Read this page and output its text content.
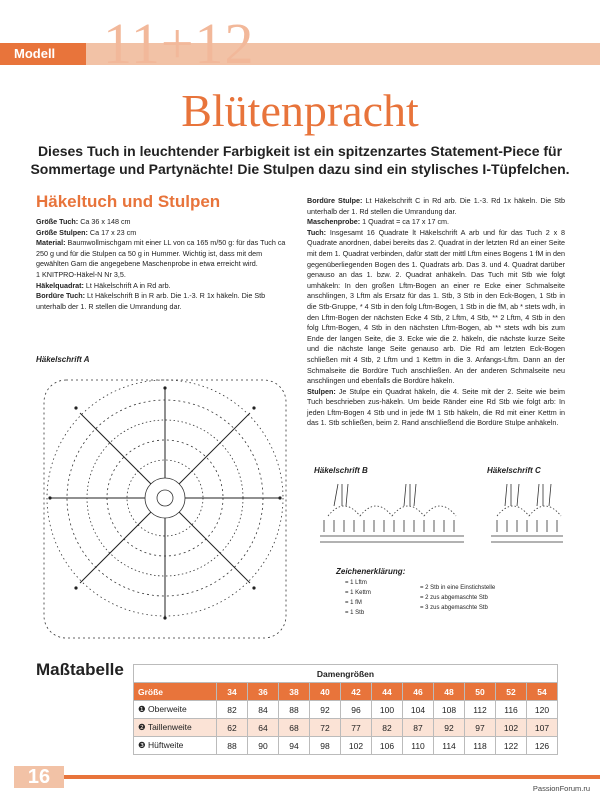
Modell 11+12
Blütenpracht
Dieses Tuch in leuchtender Farbigkeit ist ein spitzenzartes Statement-Piece für Sommertage und Partynächte! Die Stulpen dazu sind ein stylisches I-Tüpfelchen.
Häkeltuch und Stulpen

Größe Tuch: Ca 36 x 148 cm

Größe Stulpen: Ca 17 x 23 cm

Material: Baumwollmischgarn mit einer LL von ca 165 m/50 g: für das Tuch ca 250 g und für die Stulpen ca 50 g in Hummer. Wichtig ist, dass mit dem gewählten Garn die angegebene Maschenprobe in etwa erreicht wird.

1 KNITPRO-Häkel-N Nr 3,5.

Häkelquadrat: Lt Häkelschrift A in Rd arb.

Bordüre Tuch: Lt Häkelschrift B in R arb. Die 1.-3. R 1x häkeln. Die Stb unterhalb der 1. R stellen die Umrandung dar.

Bordüre Stulpe: Lt Häkelschrift C in Rd arb. Die 1.-3. Rd 1x häkeln. Die Stb unterhalb der 1. Rd stellen die Umrandung dar.

Maschenprobe: 1 Quadrat = ca 17 x 17 cm.

Tuch: Insgesamt 16 Quadrate lt Häkelschrift A arb und für das Tuch 2 x 8 Quadrate anordnen, dabei bereits das 2. Quadrat in der letzten Rd an einer Seite mit dem 1. Quadrat verbinden, dafür statt der mittl Lftm eines Bogens 1 fM in den gegenüberliegenden Bogen des 1. Quadrats arb. Das 3. und 4. Quadrat darüber genauso an das 1. bzw. 2. Quadrat anhäkeln. Das Tuch mit Stb wie folgt umhäkeln: In den großen Lftm-Bogen an einer re Ecke einer Schmalseite anschlingen, 3 Lftm als Ersatz für das 1. Stb, 3 Stb in den Eck-Bogen, 1 Stb in die Stb-Gruppe, * 4 Stb in den folg Lftm-Bogen, 1 Stb in die fM, ab * stets wdh, in den Lftm-Bogen der nächsten Ecke 4 Stb, 2 Lftm, 4 Stb, ** 2 Lftm, 4 Stb in den folg Lftm-Bogen, 4 Stb in den nächsten Lftm-Bogen, ab ** stets wdh bis zum Ende der langen Seite, die 3. Ecke wie die 2. häkeln, die nächste kurze Seite und die nächste lange Seite genauso arb. Die Rd am letzten Eck-Bogen schließen mit 4 Stb, 2 Lftm und 1 Kettm in die 3. Anfangs-Lftm. Dann an der Schmalseite die Bordüre Tuch anschließen. An der anderen Schmalseite neu anschlingen und ebenfalls die Bordüre häkeln.

Stulpen: Je Stulpe ein Quadrat häkeln, die 4. Seite mit der 2. Seite wie beim Tuch beschrieben zus-häkeln. Um beide Ränder eine Rd Stb wie folgt arb: In jeden Lftm-Bogen 4 Stb und in jede fM 1 Stb häkeln, die Rd mit einer Kettm in das 1. Stb schließen, beim 2. Rand anschließend die Bordüre Stulpe anhäkeln.

Häkelschrift A
Häkelschrift B	Häkelschrift C
Zeichenerklärung:
= 1 Lftm
= 1 Kettm
= 1 fM
= 1 Stb
= 2 Stb in eine Einstichstelle
= 2 zus abgemaschte Stb
= 3 zus abgemaschte Stb
Maßtabelle	Damengrößen											
Größe	34	36	38	40	42	44	46	48	50	52	54
❶ Oberweite	82	84	88	92	96	100	104	108	112	116	120
❷ Taillenweite	62	64	68	72	77	82	87	92	97	102	107
❸ Hüftweite	88	90	94	98	102	106	110	114	118	122	126
16
PassionForum.ru
